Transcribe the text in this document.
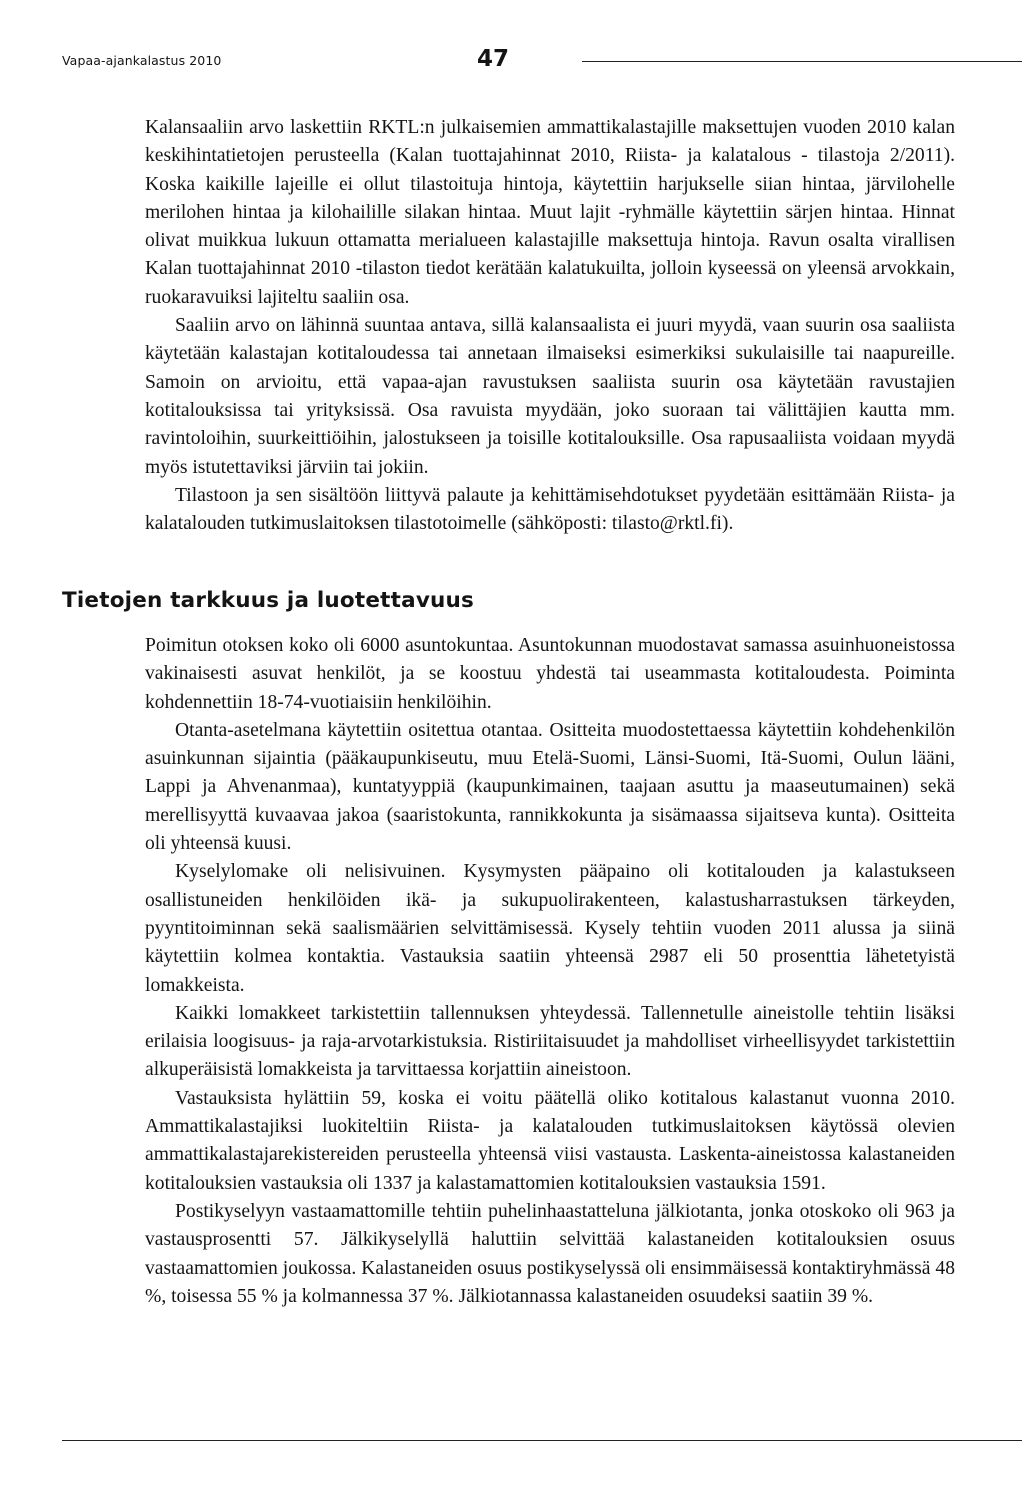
Vapaa-ajankalastus 2010	47

Kalansaaliin arvo laskettiin RKTL:n julkaisemien ammattikalastajille maksettujen vuoden 2010 kalan keskihintatietojen perusteella (Kalan tuottajahinnat 2010, Riista- ja kalatalous - tilastoja 2/2011). Koska kaikille lajeille ei ollut tilastoituja hintoja, käytettiin harjukselle siian hintaa, järvilohelle merilohen hintaa ja kilohailille silakan hintaa. Muut lajit -ryhmälle käytettiin särjen hintaa. Hinnat olivat muikkua lukuun ottamatta merialueen kalastajille maksettuja hintoja. Ravun osalta virallisen Kalan tuottajahinnat 2010 -tilaston tiedot kerätään kalatukuilta, jolloin kyseessä on yleensä arvokkain, ruokaravuiksi lajiteltu saaliin osa.

Saaliin arvo on lähinnä suuntaa antava, sillä kalansaalista ei juuri myydä, vaan suurin osa saaliista käytetään kalastajan kotitaloudessa tai annetaan ilmaiseksi esimerkiksi sukulaisille tai naapureille. Samoin on arvioitu, että vapaa-ajan ravustuksen saaliista suurin osa käytetään ravustajien kotitalouksissa tai yrityksissä. Osa ravuista myydään, joko suoraan tai välittäjien kautta mm. ravintoloihin, suurkeittiöihin, jalostukseen ja toisille kotitalouksille. Osa rapusaaliista voidaan myydä myös istutettaviksi järviin tai jokiin.

Tilastoon ja sen sisältöön liittyvä palaute ja kehittämisehdotukset pyydetään esittämään Riista- ja kalatalouden tutkimuslaitoksen tilastotoimelle (sähköposti: tilasto@rktl.fi).

Tietojen tarkkuus ja luotettavuus

Poimitun otoksen koko oli 6000 asuntokuntaa. Asuntokunnan muodostavat samassa asuinhuoneistossa vakinaisesti asuvat henkilöt, ja se koostuu yhdestä tai useammasta kotitaloudesta. Poiminta kohdennettiin 18-74-vuotiaisiin henkilöihin.

Otanta-asetelmana käytettiin ositettua otantaa. Ositteita muodostettaessa käytettiin kohdehenkilön asuinkunnan sijaintia (pääkaupunkiseutu, muu Etelä-Suomi, Länsi-Suomi, Itä-Suomi, Oulun lääni, Lappi ja Ahvenanmaa), kuntatyyppiä (kaupunkimainen, taajaan asuttu ja maaseutumainen) sekä merellisyyttä kuvaavaa jakoa (saaristokunta, rannikkokunta ja sisämaassa sijaitseva kunta). Ositteita oli yhteensä kuusi.

Kyselylomake oli nelisivuinen. Kysymysten pääpaino oli kotitalouden ja kalastukseen osallistuneiden henkilöiden ikä- ja sukupuolirakenteen, kalastusharrastuksen tärkeyden, pyyntitoiminnan sekä saalismäärien selvittämisessä. Kysely tehtiin vuoden 2011 alussa ja siinä käytettiin kolmea kontaktia. Vastauksia saatiin yhteensä 2987 eli 50 prosenttia lähetetyistä lomakkeista.

Kaikki lomakkeet tarkistettiin tallennuksen yhteydessä. Tallennetulle aineistolle tehtiin lisäksi erilaisia loogisuus- ja raja-arvotarkistuksia. Ristiriitaisuudet ja mahdolliset virheellisyydet tarkistettiin alkuperäisistä lomakkeista ja tarvittaessa korjattiin aineistoon.

Vastauksista hylättiin 59, koska ei voitu päätellä oliko kotitalous kalastanut vuonna 2010. Ammattikalastajiksi luokiteltiin Riista- ja kalatalouden tutkimuslaitoksen käytössä olevien ammattikalastajarekistereiden perusteella yhteensä viisi vastausta. Laskenta-aineistossa kalastaneiden kotitalouksien vastauksia oli 1337 ja kalastamattomien kotitalouksien vastauksia 1591.

Postikyselyyn vastaamattomille tehtiin puhelinhaastatteluna jälkiotanta, jonka otoskoko oli 963 ja vastausprosentti 57. Jälkikyselyllä haluttiin selvittää kalastaneiden kotitalouksien osuus vastaamattomien joukossa. Kalastaneiden osuus postikyselyssä oli ensimmäisessä kontaktiryhmässä 48 %, toisessa 55 % ja kolmannessa 37 %. Jälkiotannassa kalastaneiden osuudeksi saatiin 39 %.
